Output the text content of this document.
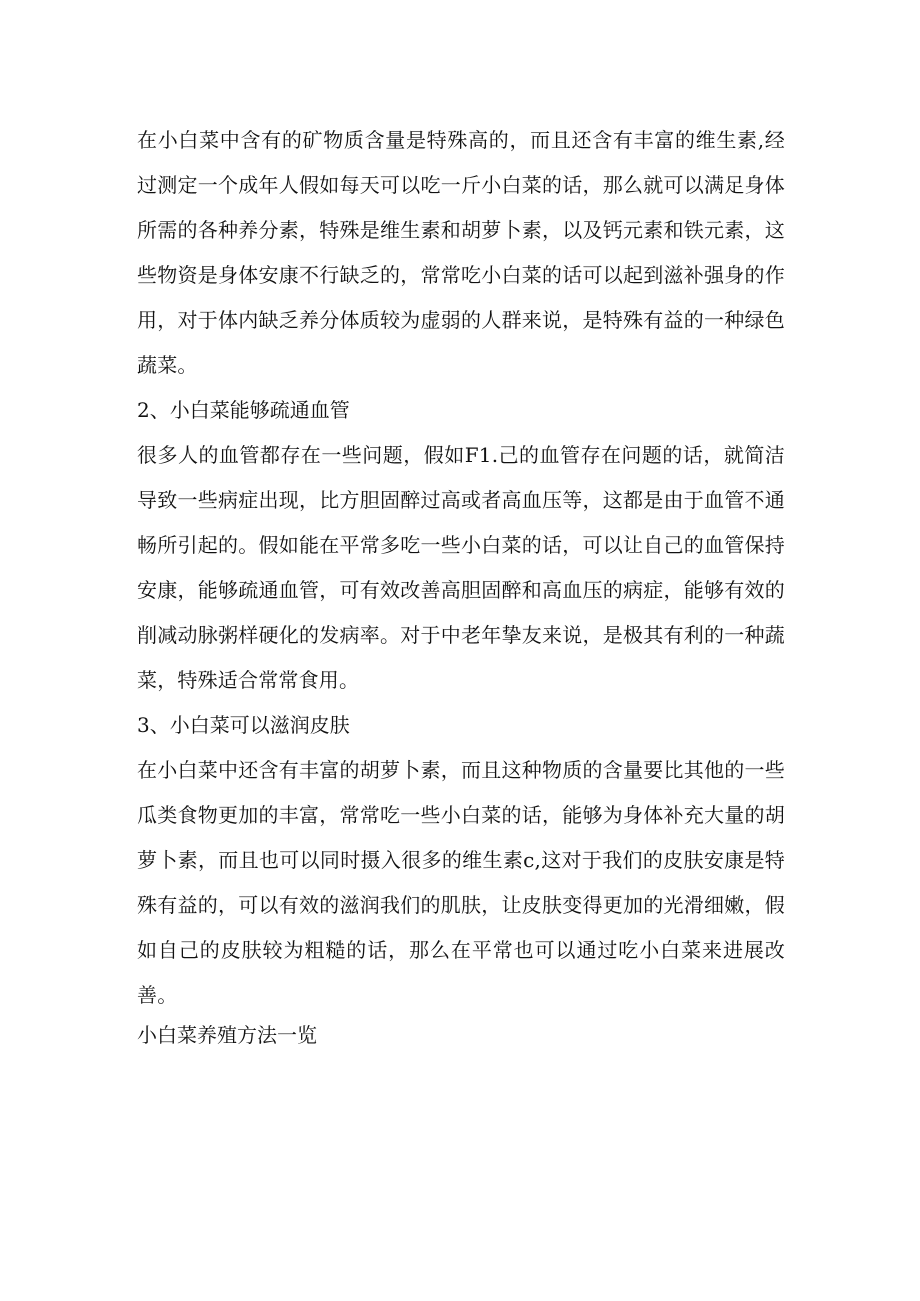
在小白菜中含有的矿物质含量是特殊高的，而且还含有丰富的维生素,经过测定一个成年人假如每天可以吃一斤小白菜的话，那么就可以满足身体所需的各种养分素，特殊是维生素和胡萝卜素，以及钙元素和铁元素，这些物资是身体安康不行缺乏的，常常吃小白菜的话可以起到滋补强身的作用，对于体内缺乏养分体质较为虚弱的人群来说，是特殊有益的一种绿色蔬菜。

2、小白菜能够疏通血管

很多人的血管都存在一些问题，假如F1.己的血管存在问题的话，就简洁导致一些病症出现，比方胆固醉过高或者高血压等，这都是由于血管不通畅所引起的。假如能在平常多吃一些小白菜的话，可以让自己的血管保持安康，能够疏通血管，可有效改善高胆固醉和高血压的病症，能够有效的削减动脉粥样硬化的发病率。对于中老年挚友来说，是极其有利的一种蔬菜，特殊适合常常食用。

3、小白菜可以滋润皮肤

在小白菜中还含有丰富的胡萝卜素，而且这种物质的含量要比其他的一些瓜类食物更加的丰富，常常吃一些小白菜的话，能够为身体补充大量的胡萝卜素，而且也可以同时摄入很多的维生素c,这对于我们的皮肤安康是特殊有益的，可以有效的滋润我们的肌肤，让皮肤变得更加的光滑细嫩，假如自己的皮肤较为粗糙的话，那么在平常也可以通过吃小白菜来进展改善。

小白菜养殖方法一览
